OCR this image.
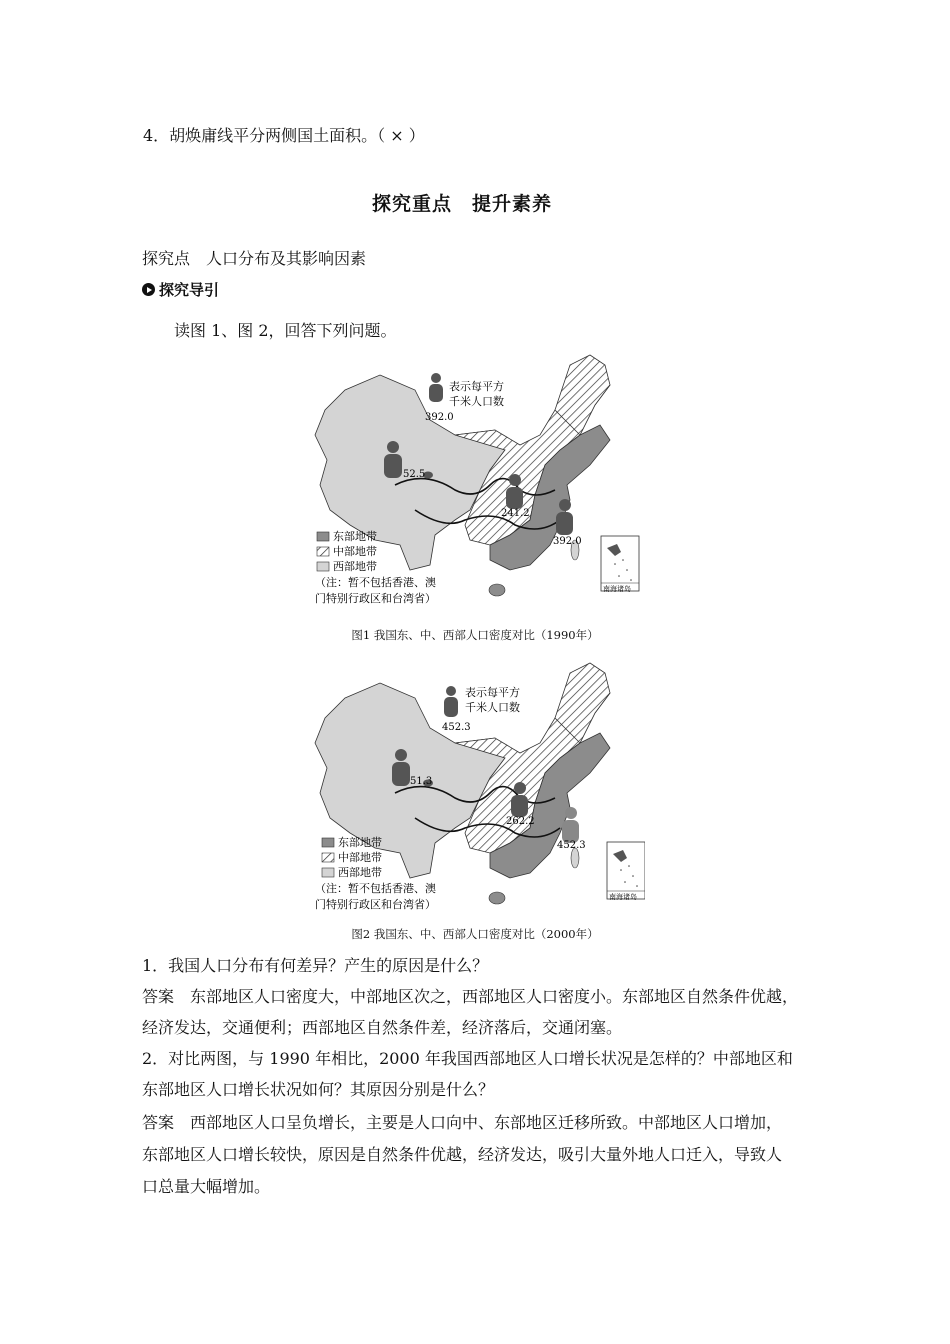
4．胡焕庸线平分两侧国土面积。（ × ）
探究重点　提升素养
探究点　人口分布及其影响因素
探究导引
读图 1、图 2，回答下列问题。
表示每平方
千米人口数
392.0
52.5
241.2
392.0
东部地带
中部地带
西部地带
（注：暂不包括香港、澳
门特别行政区和台湾省）
南海诸岛
图1 我国东、中、西部人口密度对比（1990年）
表示每平方
千米人口数
452.3
51.3
262.2
452.3
东部地带
中部地带
西部地带
（注：暂不包括香港、澳
门特别行政区和台湾省）
南海诸岛
图2 我国东、中、西部人口密度对比（2000年）
1．我国人口分布有何差异？产生的原因是什么？
答案　东部地区人口密度大，中部地区次之，西部地区人口密度小。东部地区自然条件优越，
经济发达，交通便利；西部地区自然条件差，经济落后，交通闭塞。
2．对比两图，与 1990 年相比，2000 年我国西部地区人口增长状况是怎样的？中部地区和
东部地区人口增长状况如何？其原因分别是什么？
答案　西部地区人口呈负增长，主要是人口向中、东部地区迁移所致。中部地区人口增加，
东部地区人口增长较快，原因是自然条件优越，经济发达，吸引大量外地人口迁入，导致人
口总量大幅增加。
